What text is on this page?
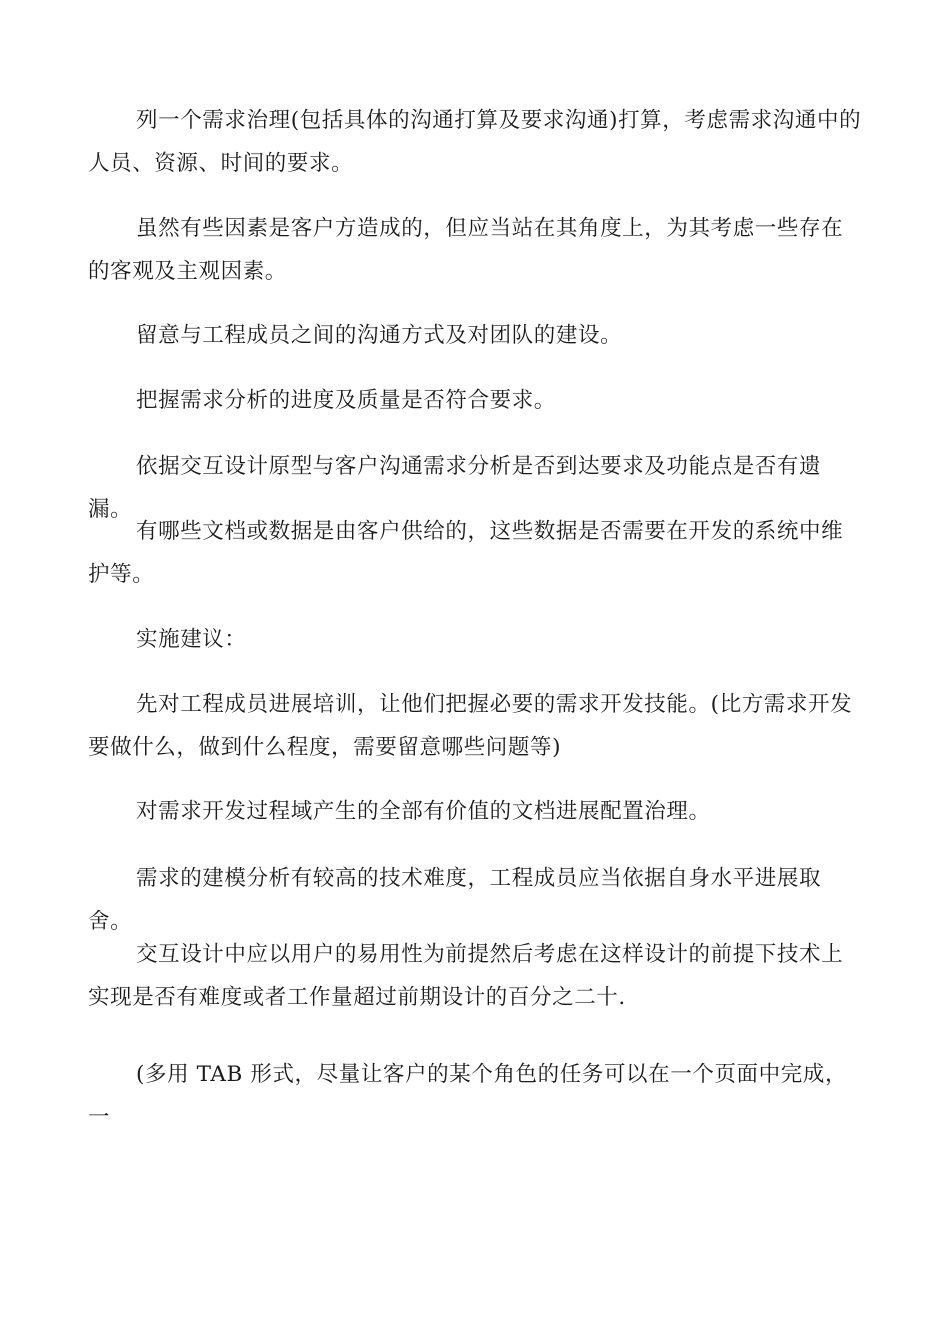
列一个需求治理(包括具体的沟通打算及要求沟通)打算，考虑需求沟通中的人员、资源、时间的要求。

虽然有些因素是客户方造成的，但应当站在其角度上，为其考虑一些存在的客观及主观因素。

留意与工程成员之间的沟通方式及对团队的建设。

把握需求分析的进度及质量是否符合要求。

依据交互设计原型与客户沟通需求分析是否到达要求及功能点是否有遗漏。

有哪些文档或数据是由客户供给的，这些数据是否需要在开发的系统中维护等。

实施建议：

先对工程成员进展培训，让他们把握必要的需求开发技能。(比方需求开发要做什么，做到什么程度，需要留意哪些问题等)

对需求开发过程域产生的全部有价值的文档进展配置治理。

需求的建模分析有较高的技术难度，工程成员应当依据自身水平进展取舍。

交互设计中应以用户的易用性为前提然后考虑在这样设计的前提下技术上实现是否有难度或者工作量超过前期设计的百分之二十.

(多用 TAB 形式，尽量让客户的某个角色的任务可以在一个页面中完成，一
